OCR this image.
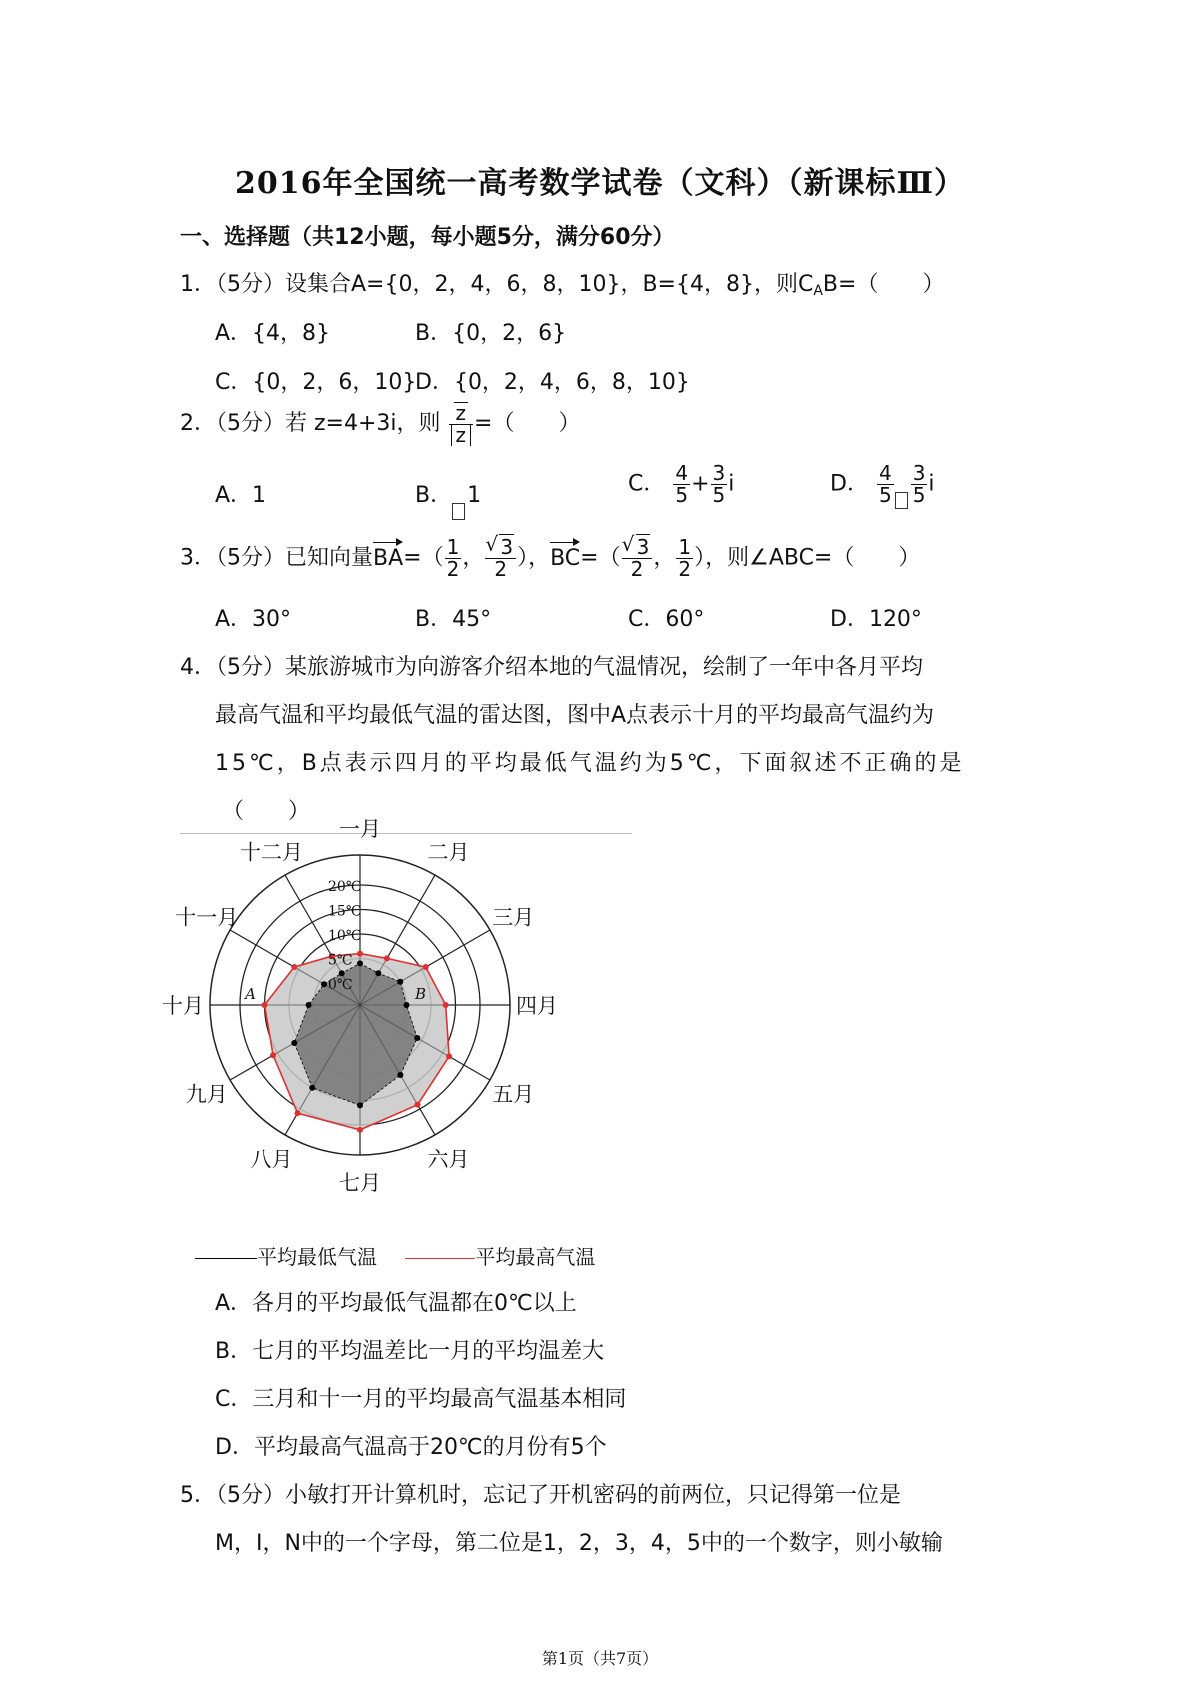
2016年全国统一高考数学试卷（文科）（新课标Ⅲ）
一、选择题（共12小题，每小题5分，满分60分）
1．（5分）设集合A={0，2，4，6，8，10}，B={4，8}，则$C_AB=$（　　）
A．{4，8}	B．{0，2，6}
C．{0，2，6，10}
D．{0，2，4，6，8，10}
2．（5分）若 z=4+3i，则 $\frac{z}{z}$ =（　　）
A．1	B． 1	C． $\frac{4}{5} + \frac{3}{5}$ i	D． $\frac{4}{5} \frac{3}{5}$ i
3．（5分）已知向量$BA=( \frac{1}{2}$ ， √ $\frac{3}{2}$ ），BC=（ √ $\frac{3}{2}$ ， $\frac{1}{2}$ ），则∠ABC=（　　）
A．30°	B．45°	C．60°	D．120°
4．（5分）某旅游城市为向游客介绍本地的气温情况，绘制了一年中各月平均
最高气温和平均最低气温的雷达图，图中A点表示十月的平均最高气温约为
15℃，B点表示四月的平均最低气温约为5℃，下面叙述不正确的是
（　　）
0℃
5℃
10℃
15℃
20℃
一月
二月
三月
四月
五月
六月
七月
八月
九月
十月
十一月
十二月
A	B
平均最低气温	平均最高气温
A．各月的平均最低气温都在0℃以上
B．七月的平均温差比一月的平均温差大
C．三月和十一月的平均最高气温基本相同
D．平均最高气温高于20℃的月份有5个
5．（5分）小敏打开计算机时，忘记了开机密码的前两位，只记得第一位是
M，I，N中的一个字母，第二位是1，2，3，4，5中的一个数字，则小敏输
第1页（共7页）
